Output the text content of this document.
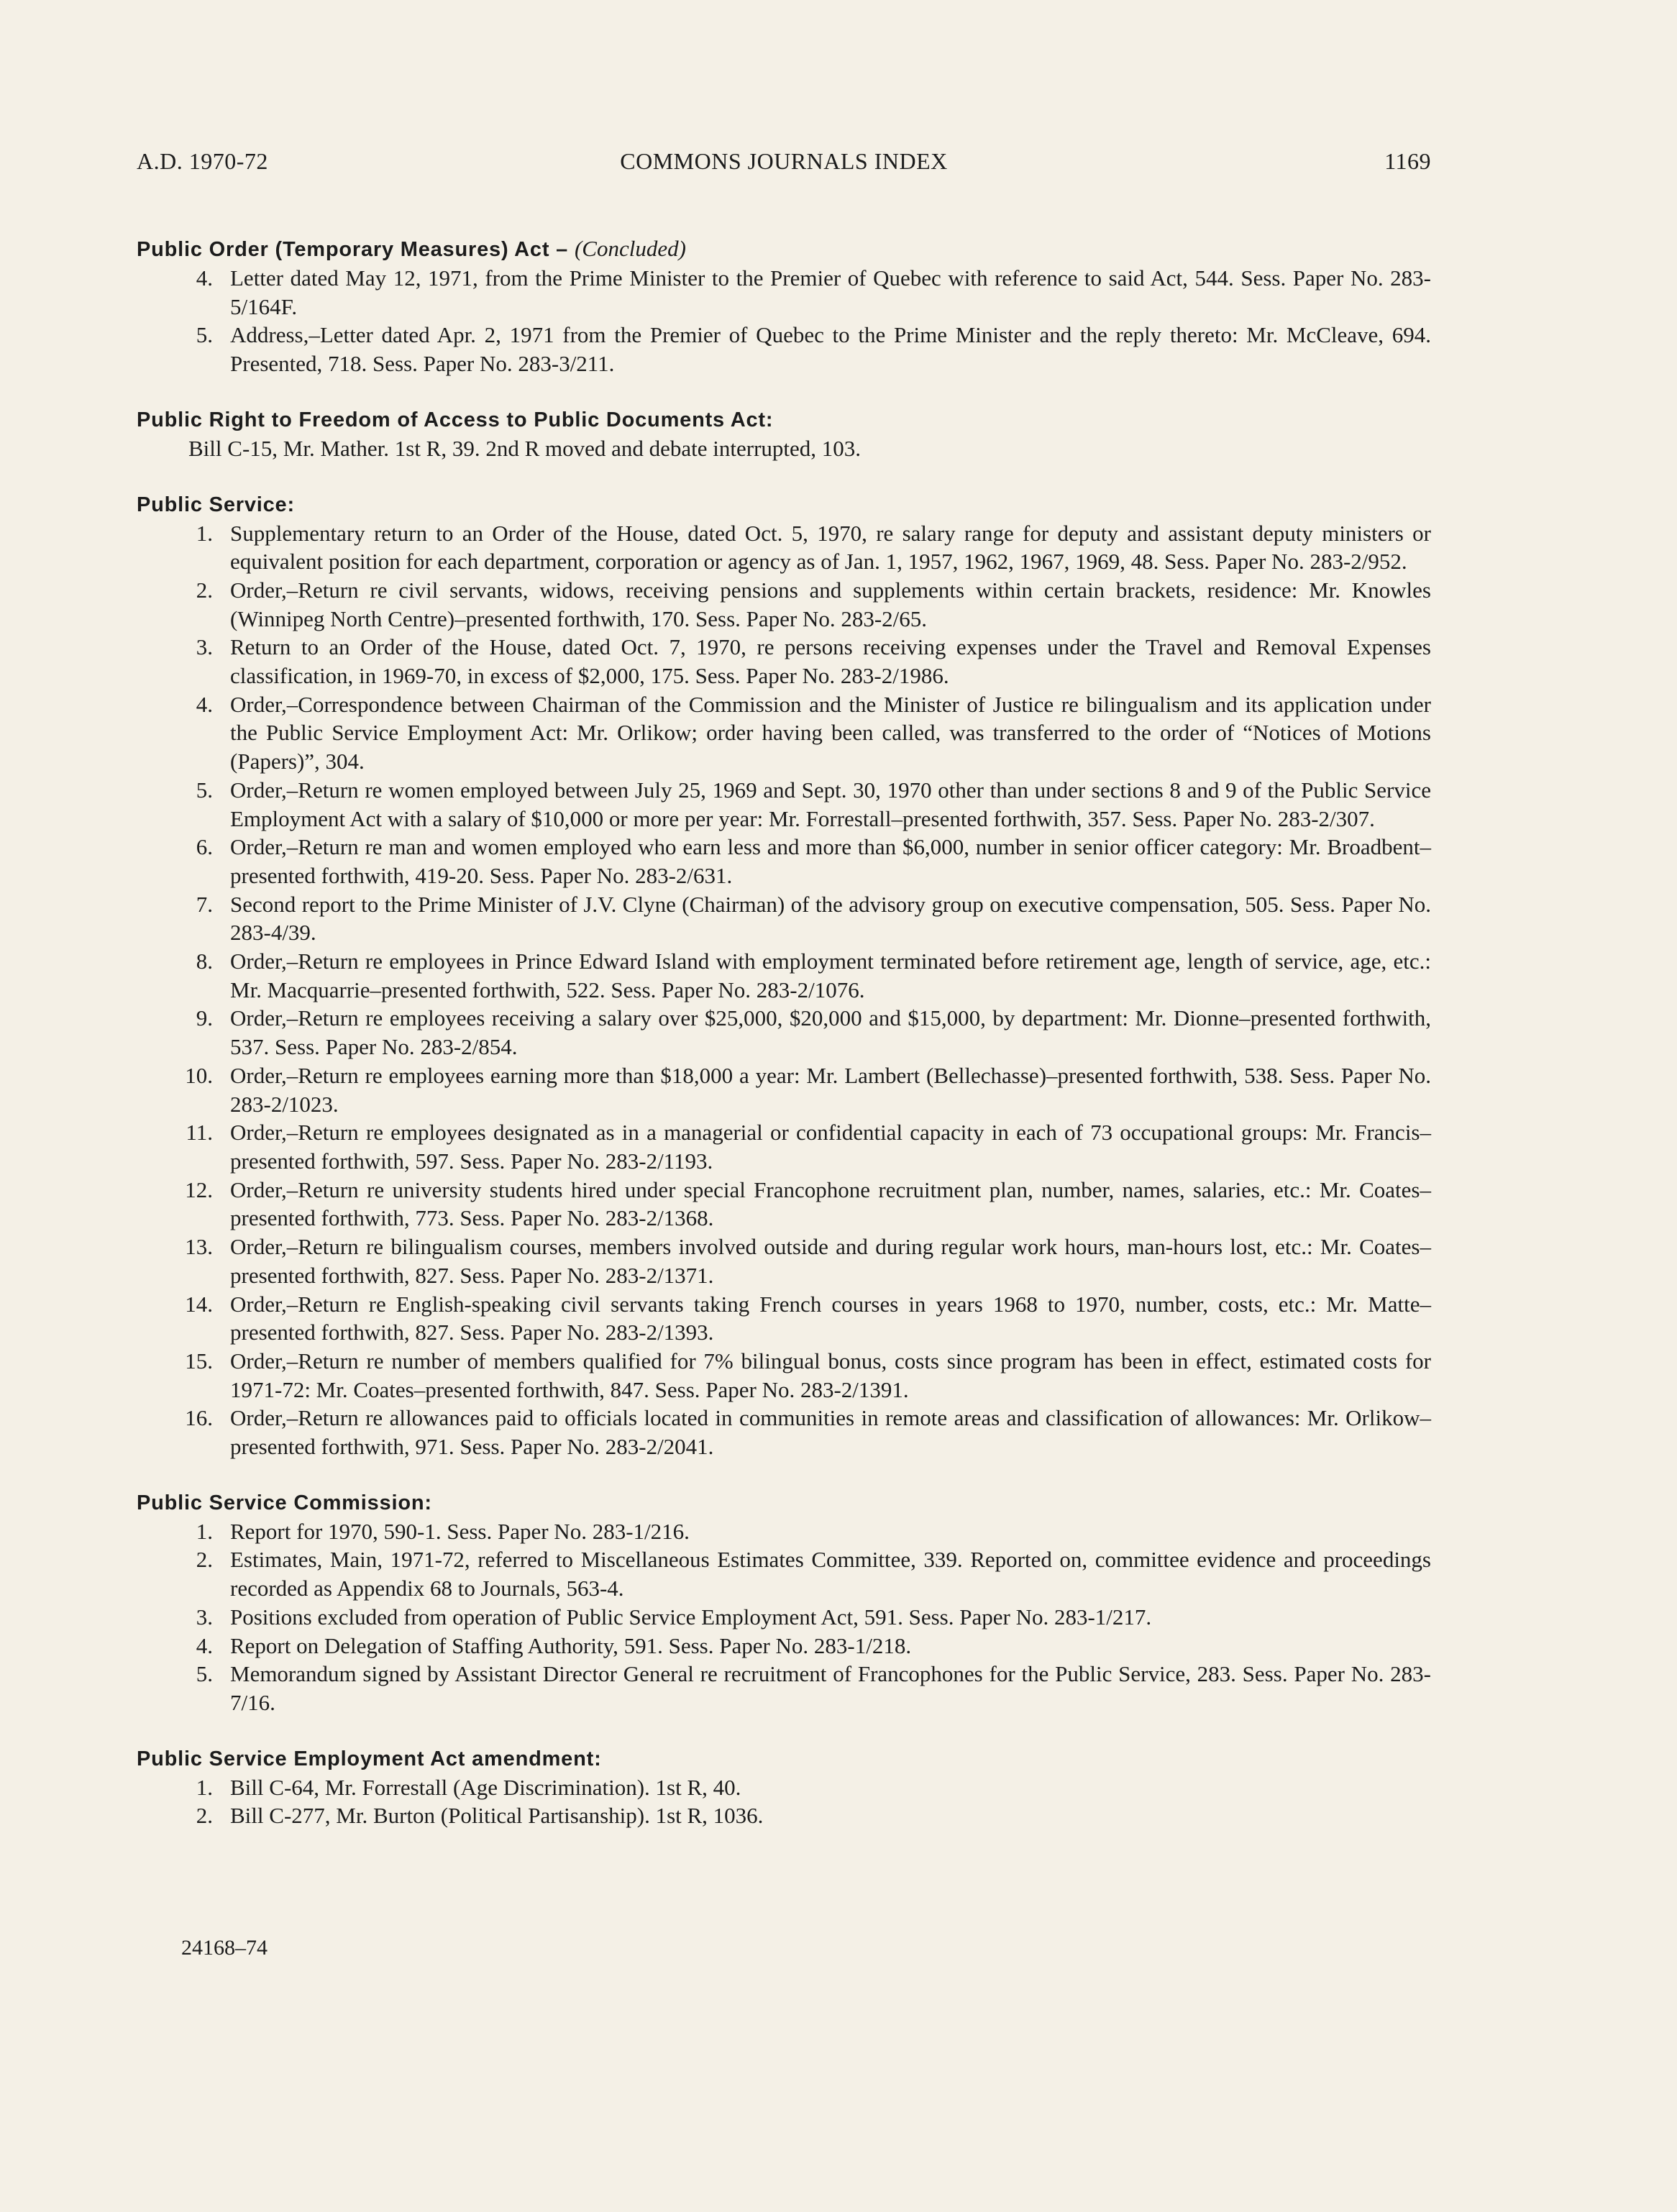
A.D. 1970-72	COMMONS JOURNALS INDEX	1169
Public Order (Temporary Measures) Act – (Concluded)
4. Letter dated May 12, 1971, from the Prime Minister to the Premier of Quebec with reference to said Act, 544. Sess. Paper No. 283-5/164F.
5. Address,–Letter dated Apr. 2, 1971 from the Premier of Quebec to the Prime Minister and the reply thereto: Mr. McCleave, 694. Presented, 718. Sess. Paper No. 283-3/211.
Public Right to Freedom of Access to Public Documents Act:
Bill C-15, Mr. Mather. 1st R, 39. 2nd R moved and debate interrupted, 103.
Public Service:
1. Supplementary return to an Order of the House, dated Oct. 5, 1970, re salary range for deputy and assistant deputy ministers or equivalent position for each department, corporation or agency as of Jan. 1, 1957, 1962, 1967, 1969, 48. Sess. Paper No. 283-2/952.
2. Order,–Return re civil servants, widows, receiving pensions and supplements within certain brackets, residence: Mr. Knowles (Winnipeg North Centre)–presented forthwith, 170. Sess. Paper No. 283-2/65.
3. Return to an Order of the House, dated Oct. 7, 1970, re persons receiving expenses under the Travel and Removal Expenses classification, in 1969-70, in excess of $2,000, 175. Sess. Paper No. 283-2/1986.
4. Order,–Correspondence between Chairman of the Commission and the Minister of Justice re bilingualism and its application under the Public Service Employment Act: Mr. Orlikow; order having been called, was transferred to the order of “Notices of Motions (Papers)”, 304.
5. Order,–Return re women employed between July 25, 1969 and Sept. 30, 1970 other than under sections 8 and 9 of the Public Service Employment Act with a salary of $10,000 or more per year: Mr. Forrestall–presented forthwith, 357. Sess. Paper No. 283-2/307.
6. Order,–Return re man and women employed who earn less and more than $6,000, number in senior officer category: Mr. Broadbent–presented forthwith, 419-20. Sess. Paper No. 283-2/631.
7. Second report to the Prime Minister of J.V. Clyne (Chairman) of the advisory group on executive compensation, 505. Sess. Paper No. 283-4/39.
8. Order,–Return re employees in Prince Edward Island with employment terminated before retirement age, length of service, age, etc.: Mr. Macquarrie–presented forthwith, 522. Sess. Paper No. 283-2/1076.
9. Order,–Return re employees receiving a salary over $25,000, $20,000 and $15,000, by department: Mr. Dionne–presented forthwith, 537. Sess. Paper No. 283-2/854.
10. Order,–Return re employees earning more than $18,000 a year: Mr. Lambert (Bellechasse)–presented forthwith, 538. Sess. Paper No. 283-2/1023.
11. Order,–Return re employees designated as in a managerial or confidential capacity in each of 73 occupational groups: Mr. Francis–presented forthwith, 597. Sess. Paper No. 283-2/1193.
12. Order,–Return re university students hired under special Francophone recruitment plan, number, names, salaries, etc.: Mr. Coates–presented forthwith, 773. Sess. Paper No. 283-2/1368.
13. Order,–Return re bilingualism courses, members involved outside and during regular work hours, man-hours lost, etc.: Mr. Coates–presented forthwith, 827. Sess. Paper No. 283-2/1371.
14. Order,–Return re English-speaking civil servants taking French courses in years 1968 to 1970, number, costs, etc.: Mr. Matte–presented forthwith, 827. Sess. Paper No. 283-2/1393.
15. Order,–Return re number of members qualified for 7% bilingual bonus, costs since program has been in effect, estimated costs for 1971-72: Mr. Coates–presented forthwith, 847. Sess. Paper No. 283-2/1391.
16. Order,–Return re allowances paid to officials located in communities in remote areas and classification of allowances: Mr. Orlikow–presented forthwith, 971. Sess. Paper No. 283-2/2041.
Public Service Commission:
1. Report for 1970, 590-1. Sess. Paper No. 283-1/216.
2. Estimates, Main, 1971-72, referred to Miscellaneous Estimates Committee, 339. Reported on, committee evidence and proceedings recorded as Appendix 68 to Journals, 563-4.
3. Positions excluded from operation of Public Service Employment Act, 591. Sess. Paper No. 283-1/217.
4. Report on Delegation of Staffing Authority, 591. Sess. Paper No. 283-1/218.
5. Memorandum signed by Assistant Director General re recruitment of Francophones for the Public Service, 283. Sess. Paper No. 283-7/16.
Public Service Employment Act amendment:
1. Bill C-64, Mr. Forrestall (Age Discrimination). 1st R, 40.
2. Bill C-277, Mr. Burton (Political Partisanship). 1st R, 1036.
24168–74
